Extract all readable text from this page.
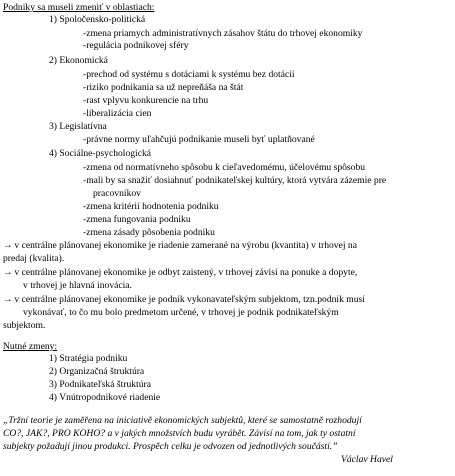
Podniky sa museli zmeniť v oblastiach:
1) Spoločensko-politická
-zmena priamych administratívnych zásahov štátu do trhovej ekonomiky
-regulácia podnikovej sféry
2) Ekonomická
-prechod od systému s dotáciami k systému bez dotácií
-riziko podnikania sa už nepreňáša na štát
-rast vplyvu konkurencie na trhu
-liberalizácia cien
3) Legislatívna
-právne normy uľahčujú podnikanie museli byť uplatňované
4) Sociálne-psychologická
-zmena od normatívneho spôsobu k cieľavedomému, účelovému spôsobu
-mali by sa snažiť dosiahnuť podnikateľskej kultúry, ktorá vytvára zázemie pre
pracovníkov
-zmena kritérií hodnotenia podniku
-zmena fungovania podniku
-zmena zásady pôsobenia podniku
→ v centrálne plánovanej ekonomike je riadenie zamerané na výrobu (kvantita) v trhovej na
predaj (kvalita).
→ v centrálne plánovanej ekonomike je odbyt zaistený, v trhovej závisí na ponuke a dopyte,
v trhovej je hlavná inovácia.
→ v centrálne plánovanej ekonomike je podnik vykonavateľským subjektom, tzn.podnik musí
vykonávať, to čo mu bolo predmetom určené, v trhovej je podnik podnikateľským
subjektom.
Nutné zmeny:
1) Stratégia podniku
2) Organizačná štruktúra
3) Podnikateľská štruktúra
4) Vnútropodnikové riadenie
„Tržní teorie je zaměřena na iniciativě ekonomických subjektů, které se samostatně rozhodují
CO?, JAK?, PRO KOHO? a v jakých množstvích budu vyrábět. Závisí na tom, jak ty ostatní
subjekty požadují jinou produkci. Prospěch celku je odvozen od jednotlivých součástí.”
Václav Havel
